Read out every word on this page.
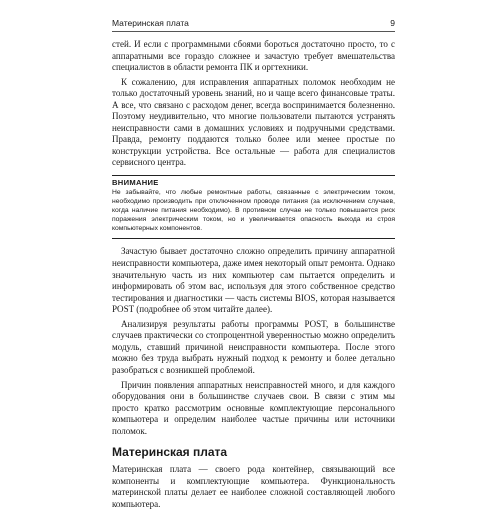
Материнская плата	9

стей. И если с программными сбоями бороться достаточно просто, то с аппаратными все гораздо сложнее и зачастую требует вмешательства специалистов в области ремонта ПК и оргтехники.

К сожалению, для исправления аппаратных поломок необходим не только достаточный уровень знаний, но и чаще всего финансовые траты. А все, что связано с расходом денег, всегда воспринимается болезненно. Поэтому неудивительно, что многие пользователи пытаются устранять неисправности сами в домашних условиях и подручными средствами. Правда, ремонту поддаются только более или менее простые по конструкции устройства. Все остальные — работа для специалистов сервисного центра.

ВНИМАНИЕ
Не забывайте, что любые ремонтные работы, связанные с электрическим током, необходимо производить при отключенном проводе питания (за исключением случаев, когда наличие питания необходимо). В противном случае не только повышается риск поражения электрическим током, но и увеличивается опасность выхода из строя компьютерных компонентов.

Зачастую бывает достаточно сложно определить причину аппаратной неисправности компьютера, даже имея некоторый опыт ремонта. Однако значительную часть из них компьютер сам пытается определить и информировать об этом вас, используя для этого собственное средство тестирования и диагностики — часть системы BIOS, которая называется POST (подробнее об этом читайте далее).

Анализируя результаты работы программы POST, в большинстве случаев практически со стопроцентной уверенностью можно определить модуль, ставший причиной неисправности компьютера. После этого можно без труда выбрать нужный подход к ремонту и более детально разобраться с возникшей проблемой.

Причин появления аппаратных неисправностей много, и для каждого оборудования они в большинстве случаев свои. В связи с этим мы просто кратко рассмотрим основные комплектующие персонального компьютера и определим наиболее частые причины или источники поломок.

Материнская плата

Материнская плата — своего рода контейнер, связывающий все компоненты и комплектующие компьютера. Функциональность материнской платы делает ее наиболее сложной составляющей любого компьютера.
